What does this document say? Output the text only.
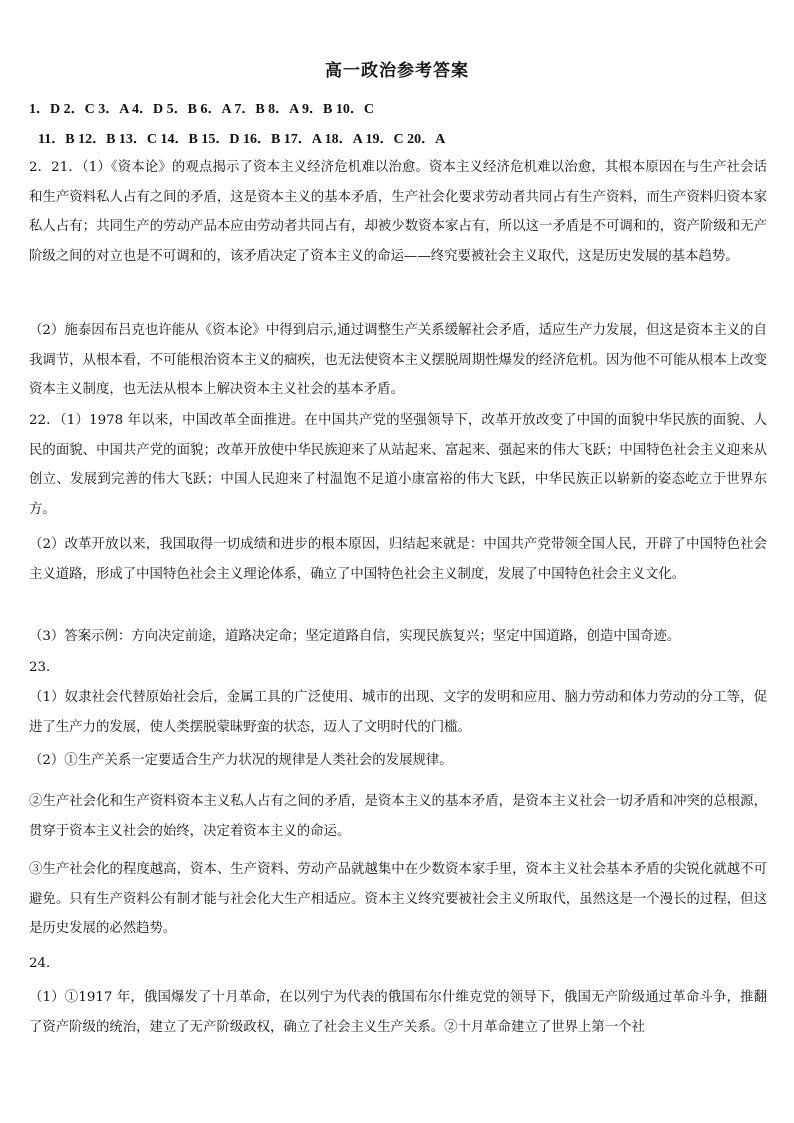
高一政治参考答案
1．D 2．C 3．A 4．D 5．B 6．A 7．B 8．A 9．B 10．C
11．B 12．B 13．C 14．B 15．D 16．B 17．A 18．A 19．C 20．A
2．21．（1）《资本论》的观点揭示了资本主义经济危机难以治愈。资本主义经济危机难以治愈，其根本原因在与生产社会话和生产资料私人占有之间的矛盾，这是资本主义的基本矛盾，生产社会化要求劳动者共同占有生产资料，而生产资料归资本家私人占有；共同生产的劳动产品本应由劳动者共同占有，却被少数资本家占有，所以这一矛盾是不可调和的，资产阶级和无产阶级之间的对立也是不可调和的，该矛盾决定了资本主义的命运——终究要被社会主义取代，这是历史发展的基本趋势。
（2）施泰因布吕克也许能从《资本论》中得到启示,通过调整生产关系缓解社会矛盾，适应生产力发展，但这是资本主义的自我调节，从根本看，不可能根治资本主义的痼疾，也无法使资本主义摆脱周期性爆发的经济危机。因为他不可能从根本上改变资本主义制度，也无法从根本上解决资本主义社会的基本矛盾。
22．（1）1978 年以来，中国改革全面推进。在中国共产党的坚强领导下，改革开放改变了中国的面貌中华民族的面貌、人民的面貌、中国共产党的面貌；改革开放使中华民族迎来了从站起来、富起来、强起来的伟大飞跃；中国特色社会主义迎来从创立、发展到完善的伟大飞跃；中国人民迎来了村温饱不足道小康富裕的伟大飞跃，中华民族正以崭新的姿态屹立于世界东方。
（2）改革开放以来，我国取得一切成绩和进步的根本原因，归结起来就是：中国共产党带领全国人民，开辟了中国特色社会主义道路，形成了中国特色社会主义理论体系，确立了中国特色社会主义制度，发展了中国特色社会主义文化。
（3）答案示例：方向决定前途，道路决定命；坚定道路自信，实现民族复兴；坚定中国道路，创造中国奇迹。
23．
（1）奴隶社会代替原始社会后，金属工具的广泛使用、城市的出现、文字的发明和应用、脑力劳动和体力劳动的分工等，促进了生产力的发展，使人类摆脱蒙昧野蛮的状态，迈人了文明时代的门槛。
（2）①生产关系一定要适合生产力状况的规律是人类社会的发展规律。
②生产社会化和生产资料资本主义私人占有之间的矛盾，是资本主义的基本矛盾，是资本主义社会一切矛盾和冲突的总根源，贯穿于资本主义社会的始终，决定着资本主义的命运。
③生产社会化的程度越高，资本、生产资料、劳动产品就越集中在少数资本家手里，资本主义社会基本矛盾的尖锐化就越不可避免。只有生产资料公有制才能与社会化大生产相适应。资本主义终究要被社会主义所取代，虽然这是一个漫长的过程，但这是历史发展的必然趋势。
24．
（1）①1917 年，俄国爆发了十月革命，在以列宁为代表的俄国布尔什维克党的领导下，俄国无产阶级通过革命斗争，推翻了资产阶级的统治，建立了无产阶级政权，确立了社会主义生产关系。②十月革命建立了世界上第一个社
